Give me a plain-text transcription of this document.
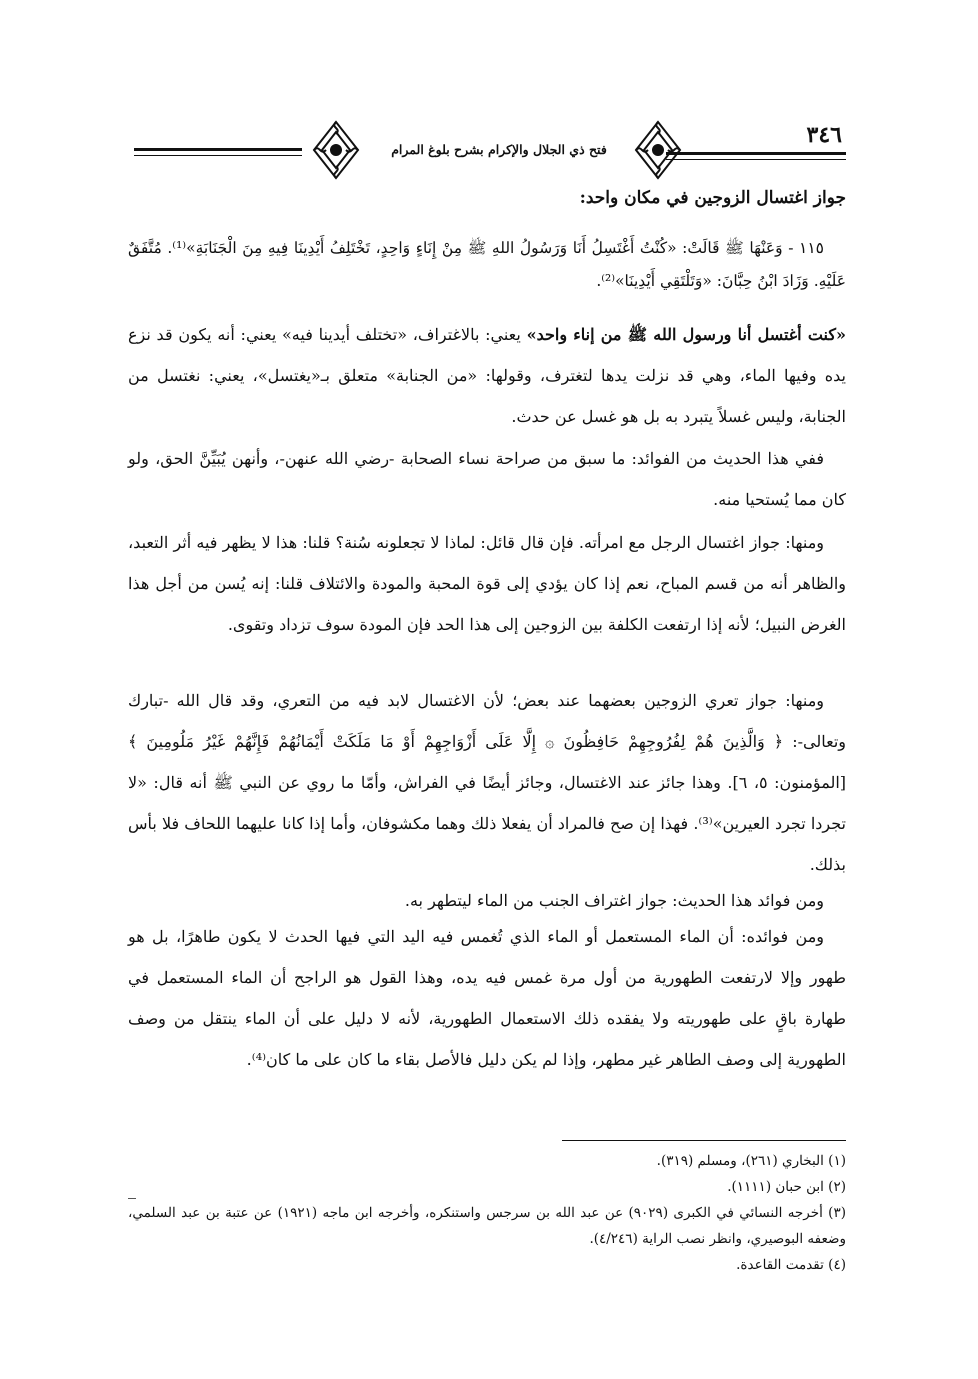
فتح ذي الجلال والإكرام بشرح بلوغ المرام
٣٤٦
جواز اغتسال الزوجين في مكان واحد:

١١٥ - وَعَنْهَا ﷺ قَالَتْ: «كُنْتُ أَغْتَسِلُ أَنَا وَرَسُولُ اللهِ ﷺ مِنْ إِنَاءٍ وَاحِدٍ، تَخْتَلِفُ أَيْدِينَا فِيهِ مِنَ الْجَنَابَةِ»⁽¹⁾. مُتَّفَقٌ عَلَيْهِ. وَزَادَ ابْنُ حِبَّانَ: «وَتَلْتَقِي أَيْدِينَا»⁽²⁾.

«كنت أغتسل أنا ورسول الله ﷺ من إناء واحد» يعني: بالاغتراف، «تختلف أيدينا فيه» يعني: أنه يكون قد نزع يده وفيها الماء، وهي قد نزلت يدها لتغترف، وقولها: «من الجنابة» متعلق بـ«يغتسل»، يعني: نغتسل من الجنابة، وليس غسلاً يتبرد به بل هو غسل عن حدث.

ففي هذا الحديث من الفوائد: ما سبق من صراحة نساء الصحابة -رضي الله عنهن-، وأنهن يُبَيِّنَّ الحق، ولو كان مما يُستحيا منه.

ومنها: جواز اغتسال الرجل مع امرأته. فإن قال قائل: لماذا لا تجعلونه سُنة؟ قلنا: هذا لا يظهر فيه أثر التعبد، والظاهر أنه من قسم المباح، نعم إذا كان يؤدي إلى قوة المحبة والمودة والائتلاف قلنا: إنه يُسن من أجل هذا الغرض النبيل؛ لأنه إذا ارتفعت الكلفة بين الزوجين إلى هذا الحد فإن المودة سوف تزداد وتقوى.

ومنها: جواز تعري الزوجين بعضهما عند بعض؛ لأن الاغتسال لابد فيه من التعري، وقد قال الله -تبارك وتعالى-: ﴿ وَالَّذِينَ هُمْ لِفُرُوجِهِمْ حَافِظُونَ ۞ إِلَّا عَلَى أَزْوَاجِهِمْ أَوْ مَا مَلَكَتْ أَيْمَانُهُمْ فَإِنَّهُمْ غَيْرُ مَلُومِينَ ﴾ [المؤمنون: ٥، ٦]. وهذا جائز عند الاغتسال، وجائز أيضًا في الفراش، وأمّا ما روي عن النبي ﷺ أنه قال: «لا تجردا تجرد العيرين»⁽³⁾. فهذا إن صح فالمراد أن يفعلا ذلك وهما مكشوفان، وأما إذا كانا عليهما اللحاف فلا بأس بذلك.

ومن فوائد هذا الحديث: جواز اغتراف الجنب من الماء ليتطهر به.

ومن فوائده: أن الماء المستعمل أو الماء الذي تُغمس فيه اليد التي فيها الحدث لا يكون طاهرًا، بل هو طهور وإلا لارتفعت الطهورية من أول مرة غمس فيه يده، وهذا القول هو الراجح أن الماء المستعمل في طهارة باقٍ على طهوريته ولا يفقده ذلك الاستعمال الطهورية، لأنه لا دليل على أن الماء ينتقل من وصف الطهورية إلى وصف الطاهر غير مطهر، وإذا لم يكن دليل فالأصل بقاء ما كان على ما كان⁽⁴⁾.

(١) البخاري (٢٦١)، ومسلم (٣١٩).

(٢) ابن حبان (١١١١).

(٣) أخرجه النسائي في الكبرى (٩٠٢٩) عن عبد الله بن سرجس واستنكره، وأخرجه ابن ماجه (١٩٢١) عن عتبة بن عبد السلمي، وضعفه البوصيري، وانظر نصب الراية (٤/٢٤٦).

(٤) تقدمت القاعدة.
